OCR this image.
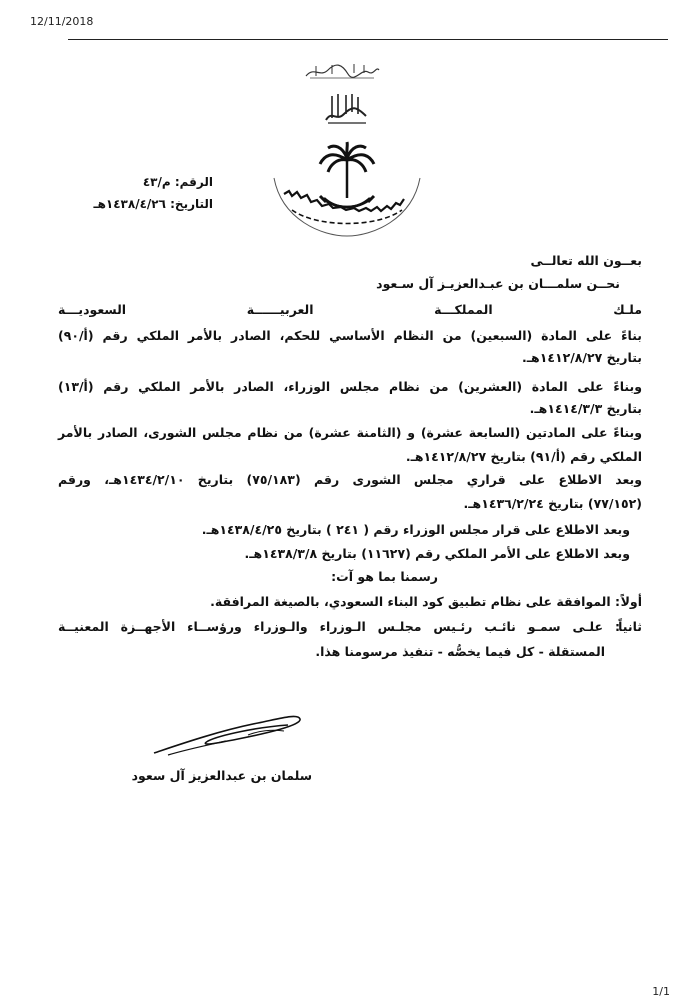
12/11/2018
الرقم: م/٤٣
التاريخ: ١٤٣٨/٤/٢٦هـ
بعــون الله تعالــى
نحــن سلمـــان بن عبـدالعزيـز آل سـعود
ملـك المملكـــة العربيــــــة السعوديـــة
بناءً على المادة (السبعين) من النظام الأساسي للحكم، الصادر بالأمر الملكي رقم (أ/٩٠)
بتاريخ ١٤١٢/٨/٢٧هـ.
وبناءً على المادة (العشرين) من نظام مجلس الوزراء، الصادر بالأمر الملكي رقم (أ/١٣)
بتاريخ ١٤١٤/٣/٣هـ.
وبناءً على المادتين (السابعة عشرة) و (الثامنة عشرة) من نظام مجلس الشورى، الصادر بالأمر
الملكي رقم (أ/٩١) بتاريخ ١٤١٢/٨/٢٧هـ.
وبعد الاطلاع على قراري مجلس الشورى رقم (٧٥/١٨٣) بتاريخ ١٤٣٤/٢/١٠هـ، ورقم
(٧٧/١٥٢) بتاريخ ١٤٣٦/٢/٢٤هـ.
وبعد الاطلاع على قرار مجلس الوزراء رقم ( ٢٤١ ) بتاريخ ١٤٣٨/٤/٢٥هـ.
وبعد الاطلاع على الأمر الملكي رقم (١١٦٢٧) بتاريخ ١٤٣٨/٣/٨هـ.
رسمنا بما هو آت:
أولاً
: الموافقة على نظام تطبيق كود البناء السعودي، بالصيغة المرافقة.
ثانياً
: علـى سمـو نائـب رئـيس مجلـس الـوزراء والـوزراء ورؤســاء الأجهــزة المعنيــة
المستقلة - كل فيما يخصُّه - تنفيذ مرسومنا هذا.
سلمان بن عبدالعزيز آل سعود
1/1
